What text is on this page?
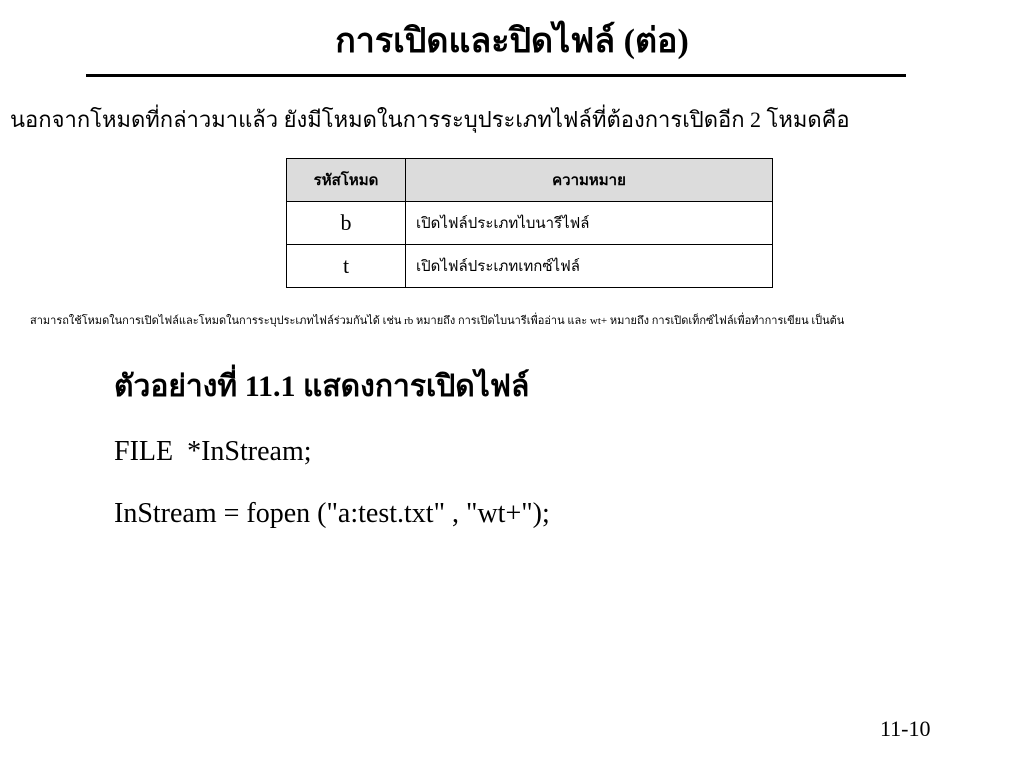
การเปิดและปิดไฟล์ (ต่อ)
นอกจากโหมดที่กล่าวมาแล้ว ยังมีโหมดในการระบุประเภทไฟล์ที่ต้องการเปิดอีก 2 โหมดคือ
รหัสโหมด	ความหมาย
b	เปิดไฟล์ประเภทไบนารีไฟล์
t	เปิดไฟล์ประเภทเทกซ์ไฟล์
สามารถใช้โหมดในการเปิดไฟล์และโหมดในการระบุประเภทไฟล์ร่วมกันได้ เช่น rb หมายถึง การเปิดไบนารีเพื่ออ่าน และ wt+ หมายถึง การเปิดเท็กซ์ไฟล์เพื่อทำการเขียน เป็นต้น
ตัวอย่างที่ 11.1 แสดงการเปิดไฟล์
FILE  *InStream;
InStream = fopen ("a:test.txt" , "wt+");
11-10
